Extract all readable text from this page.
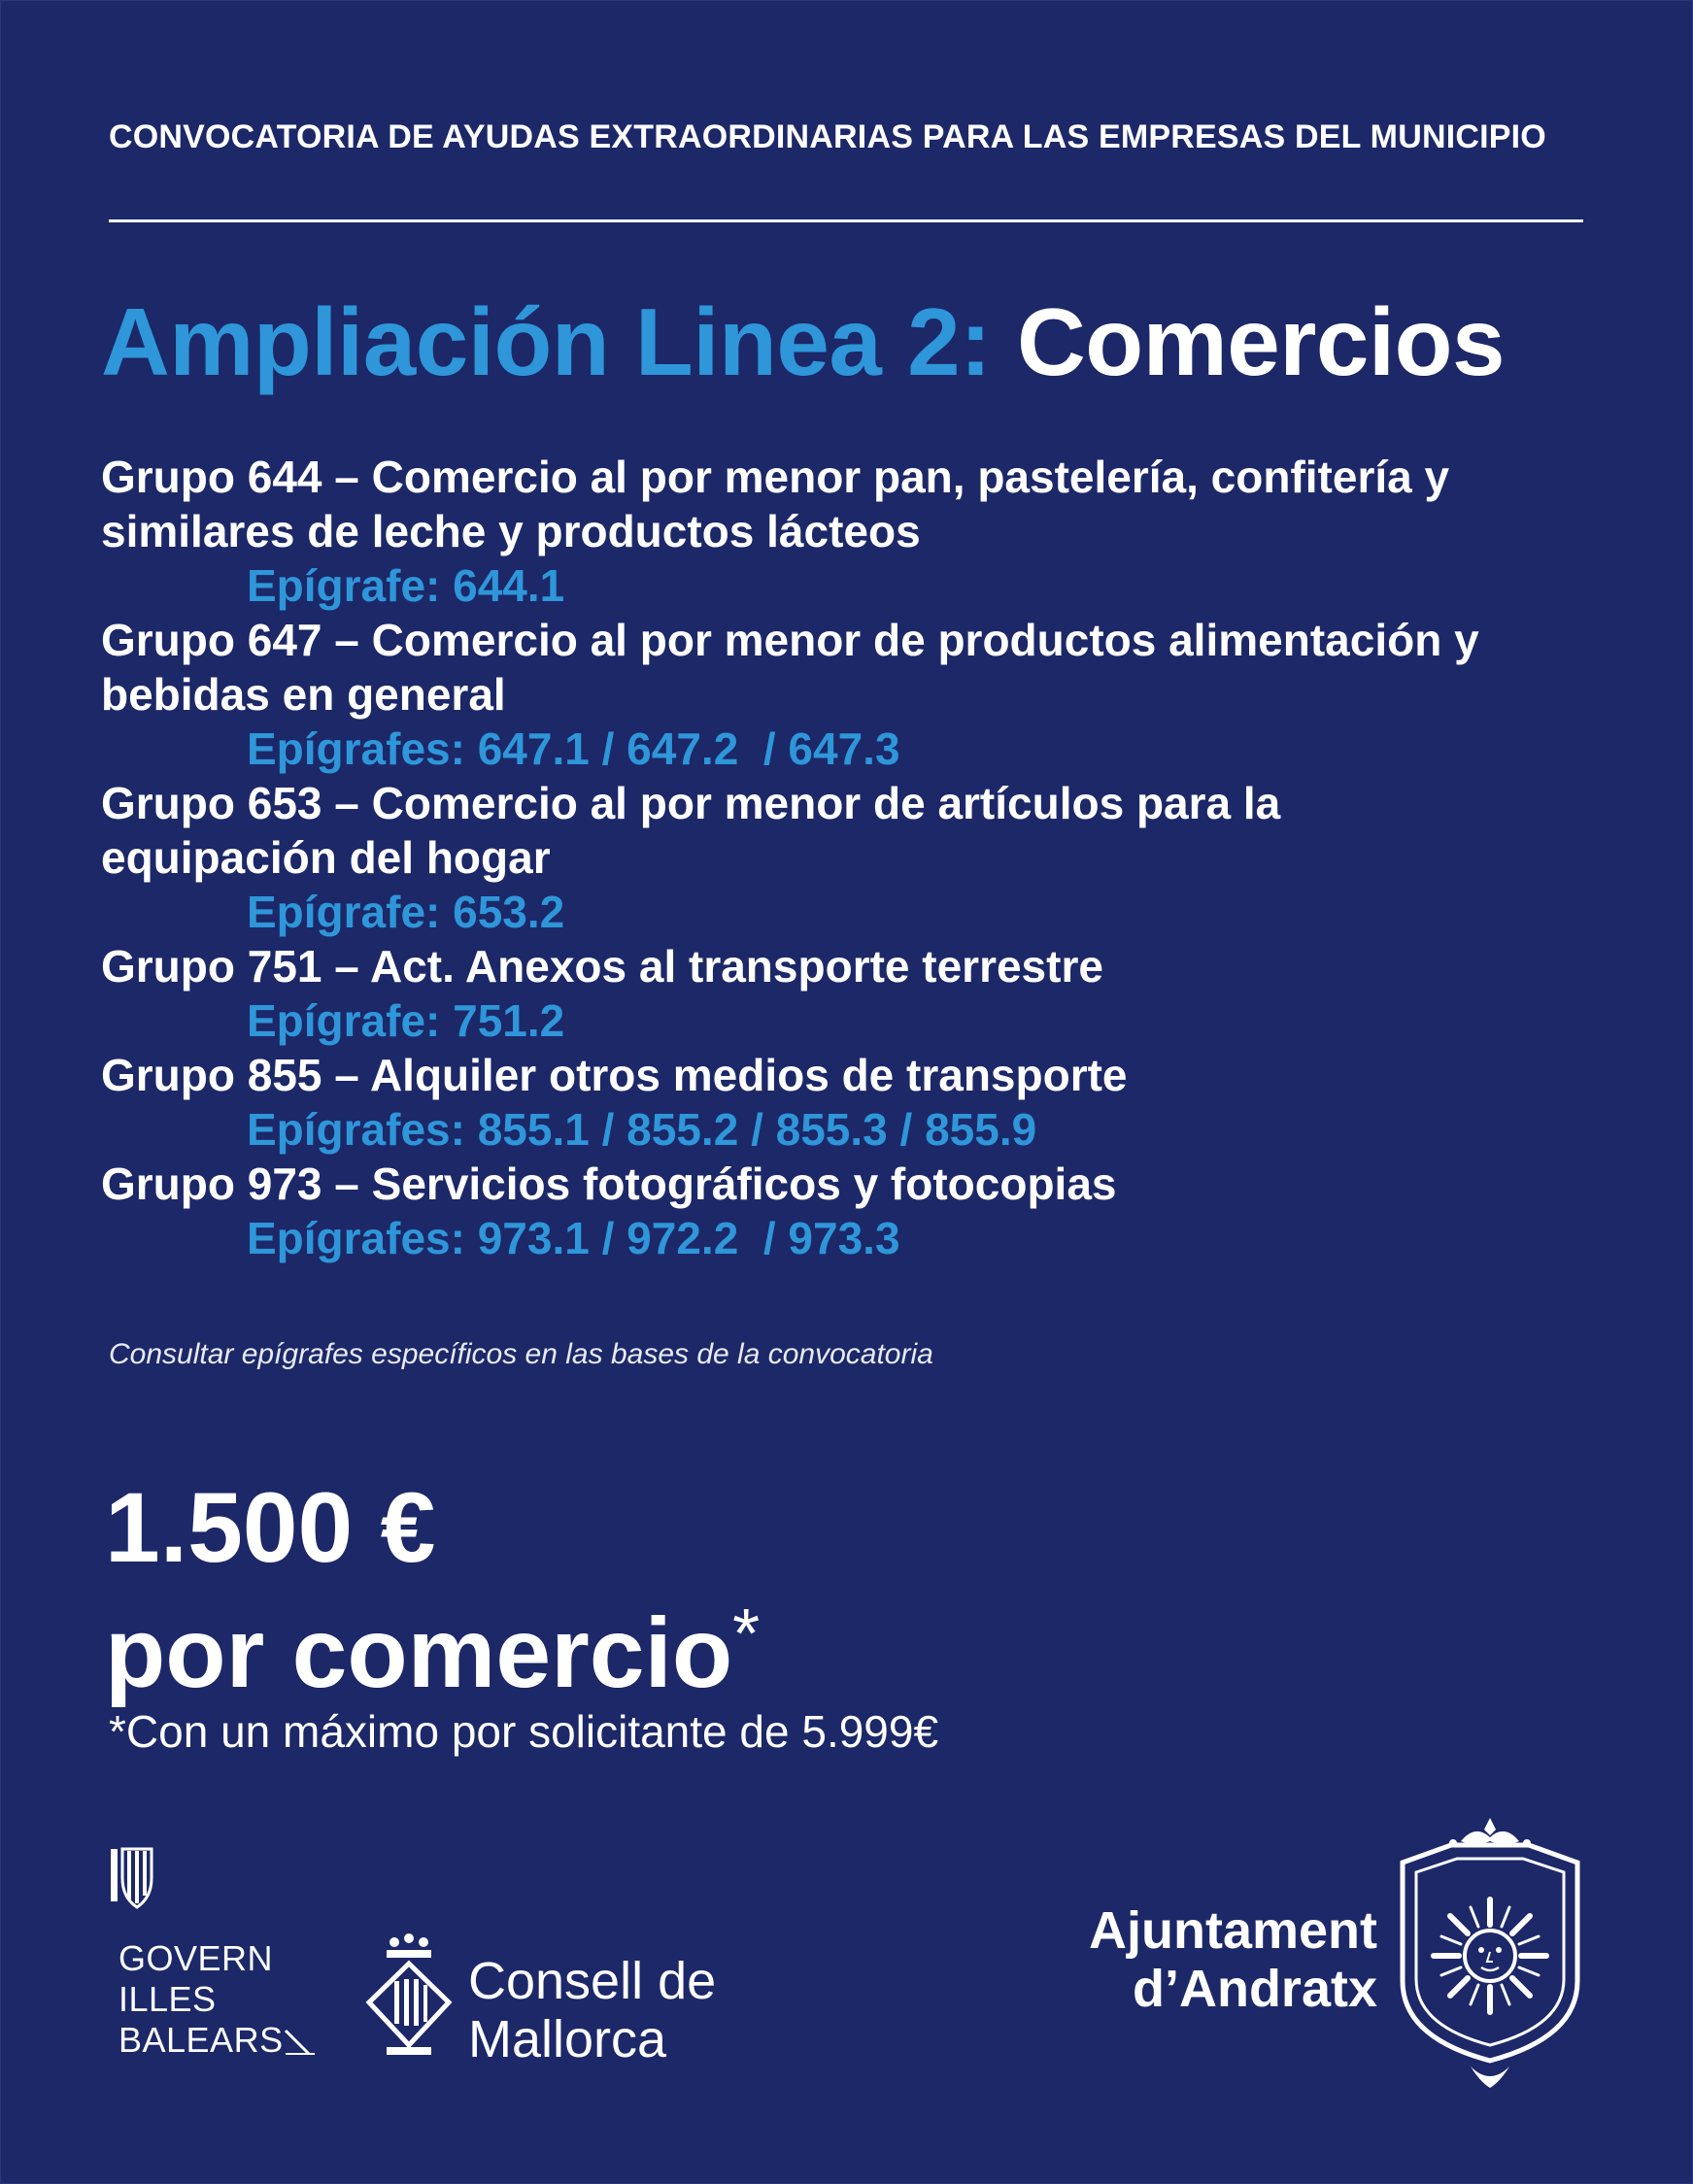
CONVOCATORIA DE AYUDAS EXTRAORDINARIAS PARA LAS EMPRESAS DEL MUNICIPIO
Ampliación Linea 2: Comercios
Grupo 644 – Comercio al por menor pan, pastelería, confitería y
similares de leche y productos lácteos
Epígrafe: 644.1
Grupo 647 – Comercio al por menor de productos alimentación y
bebidas en general
Epígrafes: 647.1 / 647.2  / 647.3
Grupo 653 – Comercio al por menor de artículos para la
equipación del hogar
Epígrafe: 653.2
Grupo 751 – Act. Anexos al transporte terrestre
Epígrafe: 751.2
Grupo 855 – Alquiler otros medios de transporte
Epígrafes: 855.1 / 855.2 / 855.3 / 855.9
Grupo 973 – Servicios fotográficos y fotocopias
Epígrafes: 973.1 / 972.2  / 973.3
Consultar epígrafes específicos en las bases de la convocatoria
1.500 €
por comercio*
*Con un máximo por solicitante de 5.999€
GOVERN
ILLES
BALEARS
Consell de
Mallorca
Ajuntament
d’Andratx
